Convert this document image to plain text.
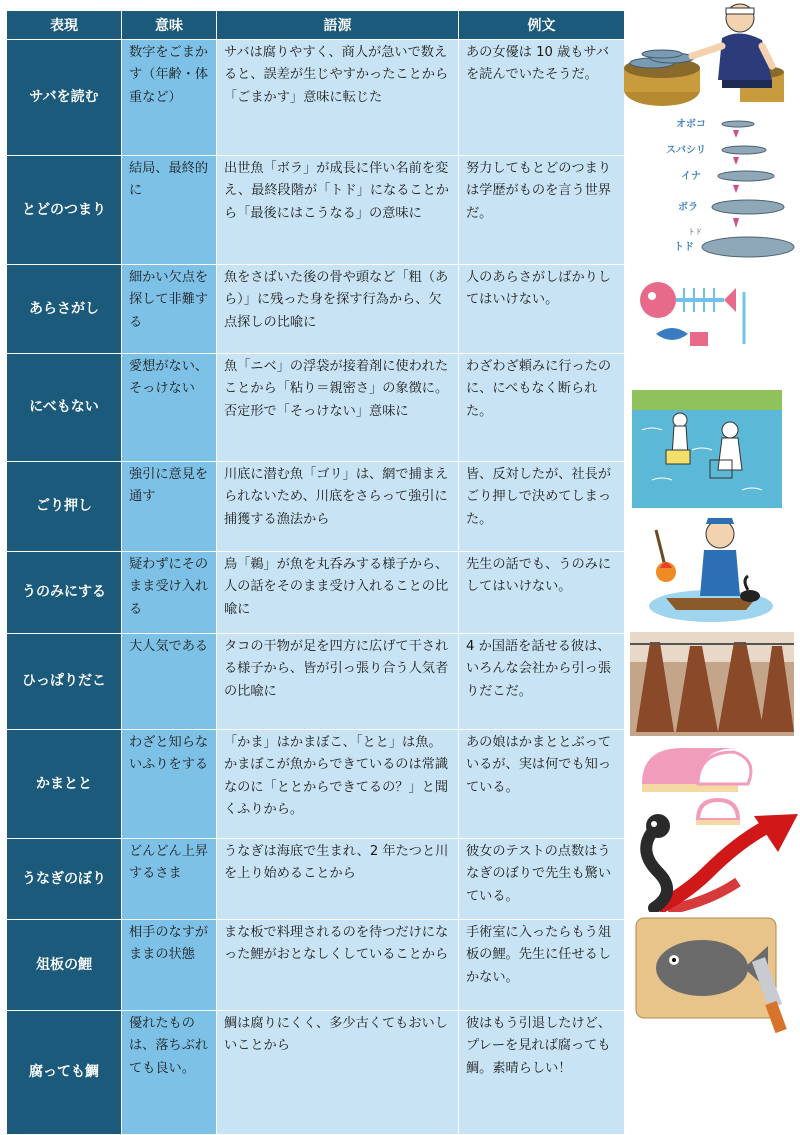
表現	意味	語源	例文
サバを読む	数字をごまかす（年齢・体重など）	サバは腐りやすく、商人が急いで数えると、誤差が生じやすかったことから「ごまかす」意味に転じた	あの女優は 10 歳もサバを読んでいたそうだ。
とどのつまり	結局、最終的に	出世魚「ボラ」が成長に伴い名前を変え、最終段階が「トド」になることから「最後にはこうなる」の意味に	努力してもとどのつまりは学歴がものを言う世界だ。
あらさがし	細かい欠点を探して非難する	魚をさばいた後の骨や頭など「粗（あら）」に残った身を探す行為から、欠点探しの比喩に	人のあらさがしばかりしてはいけない。
にべもない	愛想がない、そっけない	魚「ニベ」の浮袋が接着剤に使われたことから「粘り＝親密さ」の象徴に。否定形で「そっけない」意味に	わざわざ頼みに行ったのに、にべもなく断られた。
ごり押し	強引に意見を通す	川底に潜む魚「ゴリ」は、網で捕まえられないため、川底をさらって強引に捕獲する漁法から	皆、反対したが、社長がごり押しで決めてしまった。
うのみにする	疑わずにそのまま受け入れる	鳥「鵜」が魚を丸呑みする様子から、人の話をそのまま受け入れることの比喩に	先生の話でも、うのみにしてはいけない。
ひっぱりだこ	大人気である	タコの干物が足を四方に広げて干される様子から、皆が引っ張り合う人気者の比喩に	4 か国語を話せる彼は、いろんな会社から引っ張りだこだ。
かまとと	わざと知らないふりをする	「かま」はかまぼこ、「とと」は魚。かまぼこが魚からできているのは常識なのに「ととからできてるの？」と聞くふりから。	あの娘はかまととぶっているが、実は何でも知っている。
うなぎのぼり	どんどん上昇するさま	うなぎは海底で生まれ、2 年たつと川を上り始めることから	彼女のテストの点数はうなぎのぼりで先生も驚いている。
俎板の鯉	相手のなすがままの状態	まな板で料理されるのを待つだけになった鯉がおとなしくしていることから	手術室に入ったらもう俎板の鯉。先生に任せるしかない。
腐っても鯛	優れたものは、落ちぶれても良い。	鯛は腐りにくく、多少古くてもおいしいことから	彼はもう引退したけど、プレーを見れば腐っても鯛。素晴らしい！
オボコ
スバシリ
イナ
ボラ
トド
トド
